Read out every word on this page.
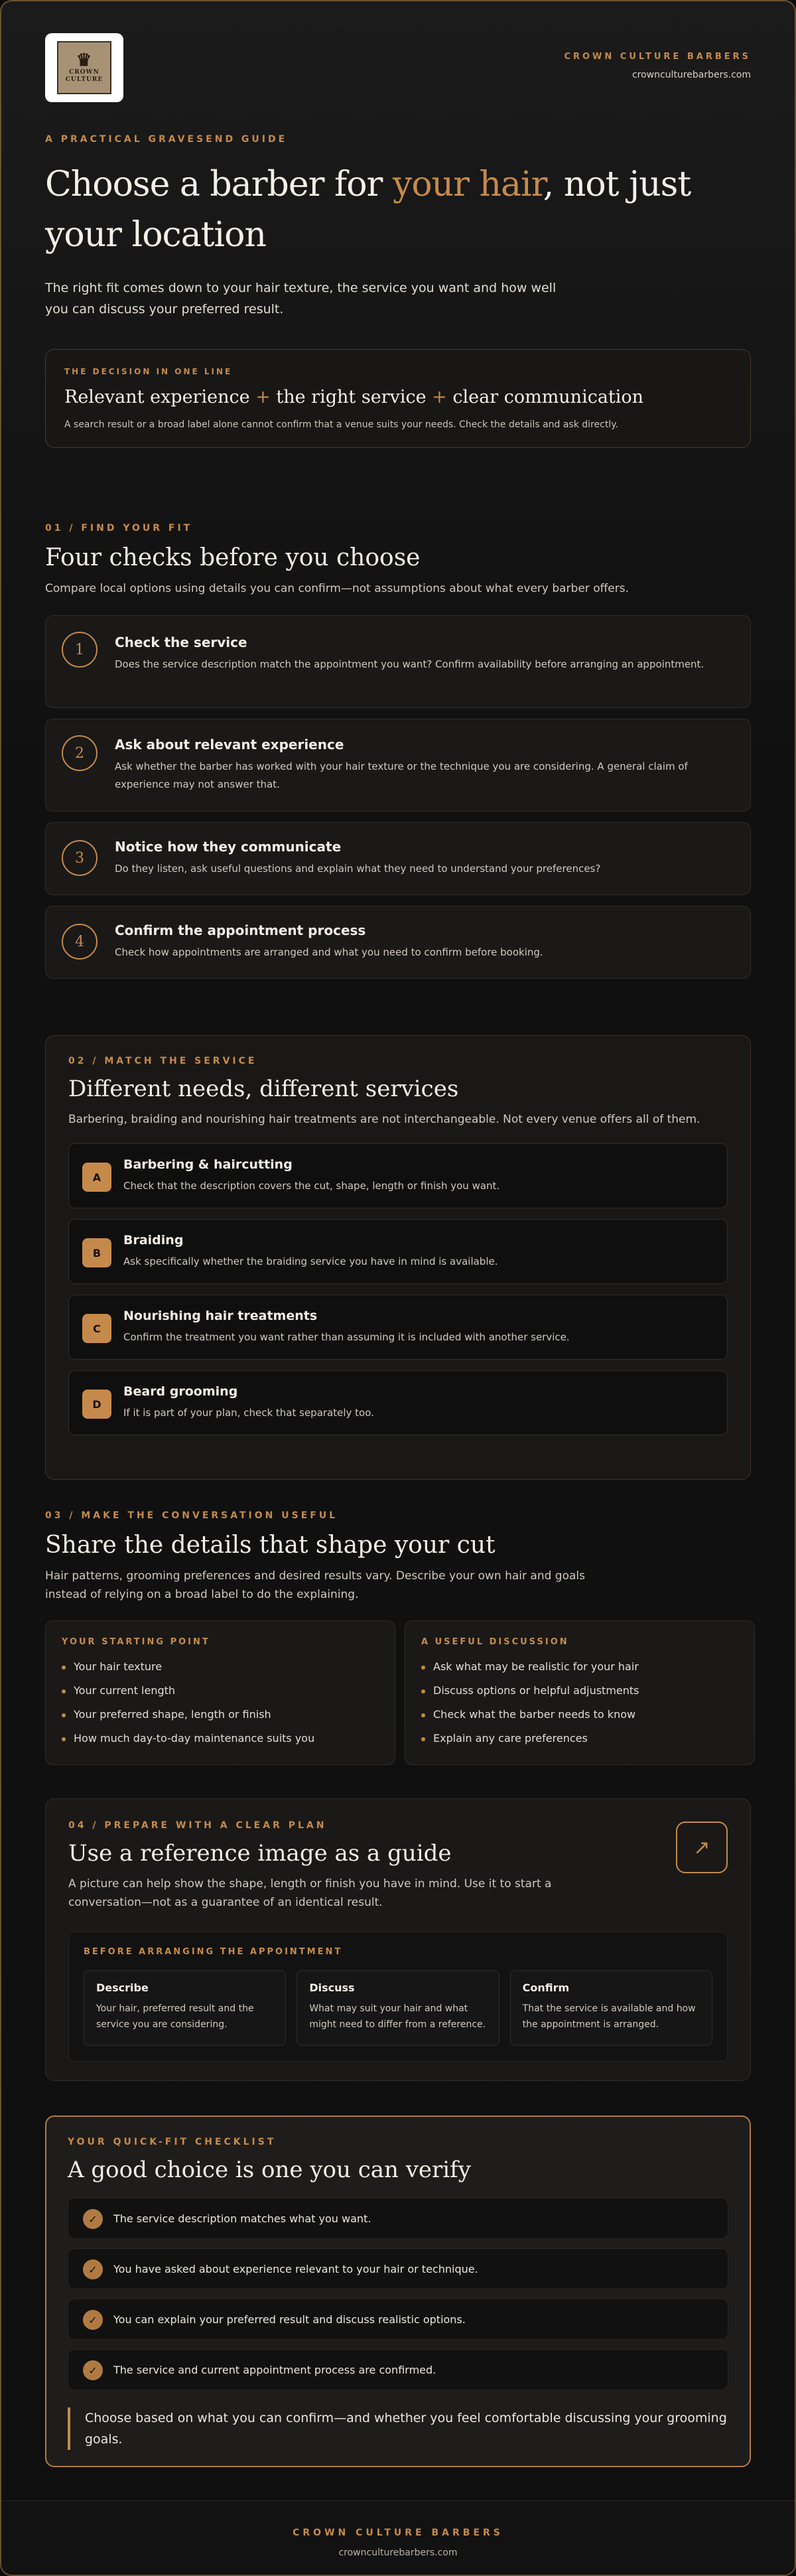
♛
CROWN
CULTURE
CROWN CULTURE BARBERS
crownculturebarbers.com
A PRACTICAL GRAVESEND GUIDE
Choose a barber for your hair, not just your location

The right fit comes down to your hair texture, the service you want and how well you can discuss your preferred result.

THE DECISION IN ONE LINE
Relevant experience + the right service + clear communication

A search result or a broad label alone cannot confirm that a venue suits your needs. Check the details and ask directly.

01 / FIND YOUR FIT
Four checks before you choose

Compare local options using details you can confirm—not assumptions about what every barber offers.

1	Check the service
Does the service description match the appointment you want? Confirm availability before arranging an appointment.
2
Ask about relevant experience
Ask whether the barber has worked with your hair texture or the technique you are considering. A general claim of experience may not answer that.
3
Notice how they communicate
Do they listen, ask useful questions and explain what they need to understand your preferences?
4
Confirm the appointment process
Check how appointments are arranged and what you need to confirm before booking.
02 / MATCH THE SERVICE
Different needs, different services

Barbering, braiding and nourishing hair treatments are not interchangeable. Not every venue offers all of them.

A
Barbering & haircutting
Check that the description covers the cut, shape, length or finish you want.
B
Braiding
Ask specifically whether the braiding service you have in mind is available.
C
Nourishing hair treatments
Confirm the treatment you want rather than assuming it is included with another service.
D
Beard grooming
If it is part of your plan, check that separately too.
03 / MAKE THE CONVERSATION USEFUL
Share the details that shape your cut

Hair patterns, grooming preferences and desired results vary. Describe your own hair and goals instead of relying on a broad label to do the explaining.

YOUR STARTING POINT
Your hair texture
Your current length
Your preferred shape, length or finish
How much day-to-day maintenance suits you
A USEFUL DISCUSSION
Ask what may be realistic for your hair
Discuss options or helpful adjustments
Check what the barber needs to know
Explain any care preferences
04 / PREPARE WITH A CLEAR PLAN
Use a reference image as a guide

A picture can help show the shape, length or finish you have in mind. Use it to start a conversation—not as a guarantee of an identical result.

↗
BEFORE ARRANGING THE APPOINTMENT
Describe
Your hair, preferred result and the service you are considering.
Discuss
What may suit your hair and what might need to differ from a reference.
Confirm
That the service is available and how the appointment is arranged.
YOUR QUICK-FIT CHECKLIST
A good choice is one you can verify
✓	The service description matches what you want.
✓	You have asked about experience relevant to your hair or technique.
✓	You can explain your preferred result and discuss realistic options.
✓	The service and current appointment process are confirmed.
Choose based on what you can confirm—and whether you feel comfortable discussing your grooming goals.
CROWN CULTURE BARBERS
crownculturebarbers.com
